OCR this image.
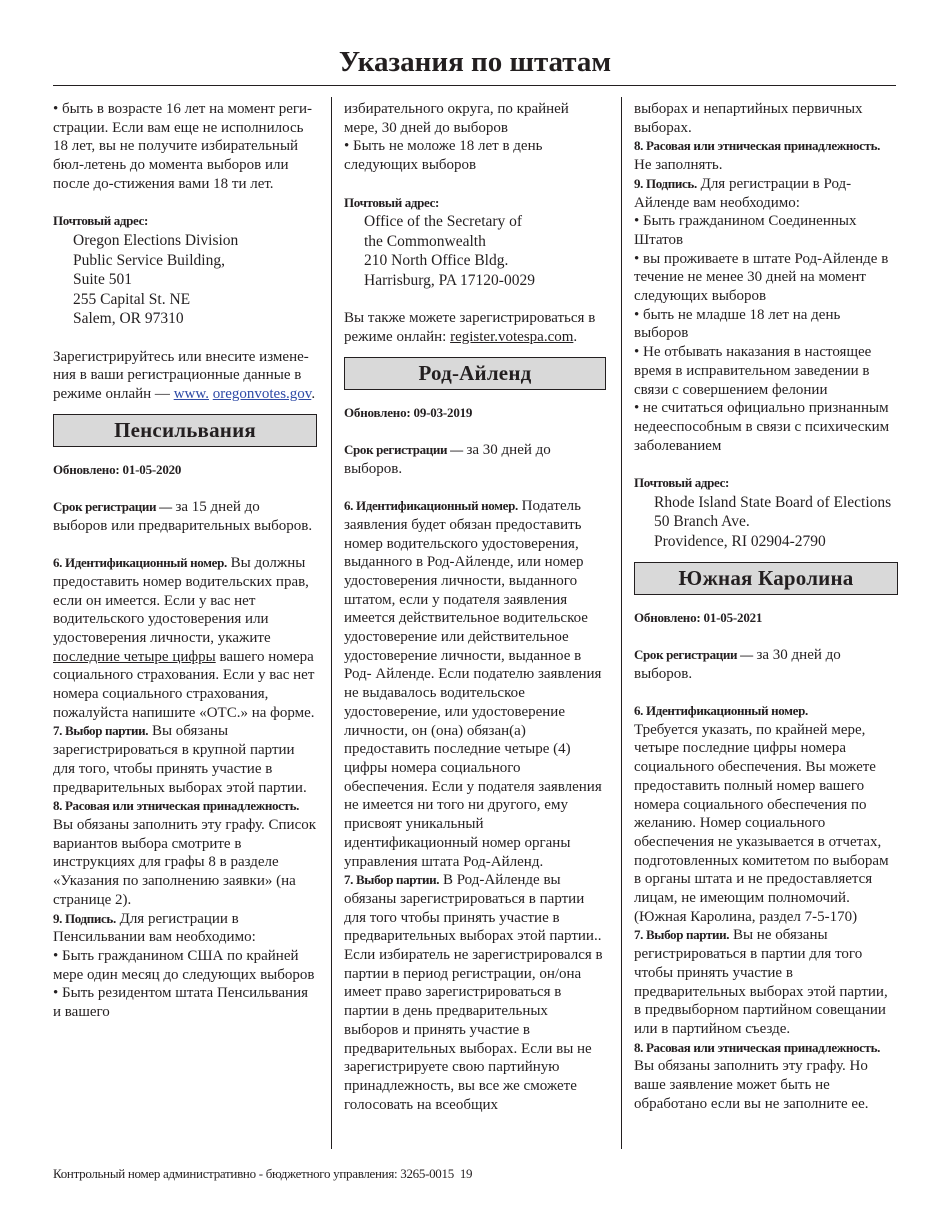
Указания по штатам

• быть в возрасте 16 лет на момент реги-страции. Если вам еще не исполнилось 18 лет, вы не получите избирательный бюл-летень до момента выборов или после до-стижения вами 18 ти лет.

Почтовый адрес:

Oregon Elections Division

Public Service Building,

Suite 501

255 Capital St. NE

Salem, OR 97310

Зарегистрируйтесь или внесите измене-ния в ваши регистрационные данные в режиме онлайн — www. oregonvotes.gov.

Пенсильвания

Обновлено: 01-05-2020

Срок регистрации — за 15 дней до выборов или предварительных выборов.

6. Идентификационный номер. Вы должны предоставить номер водительских прав, если он имеется. Если у вас нет водительского удостоверения или удостоверения личности, укажите последние четыре цифры вашего номера социального страхования. Если у вас нет номера социального страхования, пожалуйста напишите «ОТС.» на форме.

7. Выбор партии. Вы обязаны зарегистрироваться в крупной партии для того, чтобы принять участие в предварительных выборах этой партии.

8. Расовая или этническая принадлежность. Вы обязаны заполнить эту графу. Список вариантов выбора смотрите в инструкциях для графы 8 в разделе «Указания по заполнению заявки» (на странице 2).

9. Подпись. Для регистрации в Пенсильвании вам необходимо:

• Быть гражданином США по крайней мере один месяц до следующих выборов

• Быть резидентом штата Пенсильвания и вашего

избирательного округа, по крайней мере, 30 дней до выборов

• Быть не моложе 18 лет в день следующих выборов

Почтовый адрес:

Office of the Secretary of

the Commonwealth

210 North Office Bldg.

Harrisburg, PA 17120-0029

Вы также можете зарегистрироваться в режиме онлайн: register.votespa.com.

Род-Айленд

Обновлено: 09-03-2019

Срок регистрации — за 30 дней до выборов.

6. Идентификационный номер. Податель заявления будет обязан предоставить номер водительского удостоверения, выданного в Род-Айленде, или номер удостоверения личности, выданного штатом, если у подателя заявления имеется действительное водительское удостоверение или действительное удостоверение личности, выданное в Род- Айленде. Если подателю заявления не выдавалось водительское удостоверение, или удостоверение личности, он (она) обязан(а) предоставить последние четыре (4) цифры номера социального обеспечения. Если у подателя заявления не имеется ни того ни другого, ему присвоят уникальный идентификационный номер органы управления штата Род-Айленд.

7. Выбор партии. В Род-Айленде вы обязаны зарегистрироваться в партии для того чтобы принять участие в предварительных выборах этой партии.. Если избиратель не зарегистрировался в партии в период регистрации, он/она имеет право зарегистрироваться в партии в день предварительных выборов и принять участие в предварительных выборах. Если вы не зарегистрируете свою партийную принадлежность, вы все же сможете голосовать на всеобщих

выборах и непартийных первичных выборах.

8. Расовая или этническая принадлежность. Не заполнять.

9. Подпись. Для регистрации в Род-Айленде вам необходимо:

• Быть гражданином Соединенных Штатов

• вы проживаете в штате Род-Айленде в течение не менее 30 дней на момент следующих выборов

• быть не младше 18 лет на день выборов

• Не отбывать наказания в настоящее время в исправительном заведении в связи с совершением фелонии

• не считаться официально признанным недееспособным в связи с психическим заболеванием

Почтовый адрес:

Rhode Island State Board of Elections

50 Branch Ave.

Providence, RI 02904-2790

Южная Каролина

Обновлено: 01-05-2021

Срок регистрации — за 30 дней до выборов.

6. Идентификационный номер.

Требуется указать, по крайней мере, четыре последние цифры номера социального обеспечения. Вы можете предоставить полный номер вашего номера социального обеспечения по желанию. Номер социального обеспечения не указывается в отчетах, подготовленных комитетом по выборам в органы штата и не предоставляется лицам, не имеющим полномочий. (Южная Каролина, раздел 7-5-170)

7. Выбор партии. Вы не обязаны регистрироваться в партии для того чтобы принять участие в предварительных выборах этой партии, в предвыборном партийном совещании или в партийном съезде.

8. Расовая или этническая принадлежность.

Вы обязаны заполнить эту графу. Но ваше заявление может быть не обработано если вы не заполните ее.

Контрольный номер административно - бюджетного управления: 3265-0015 19
